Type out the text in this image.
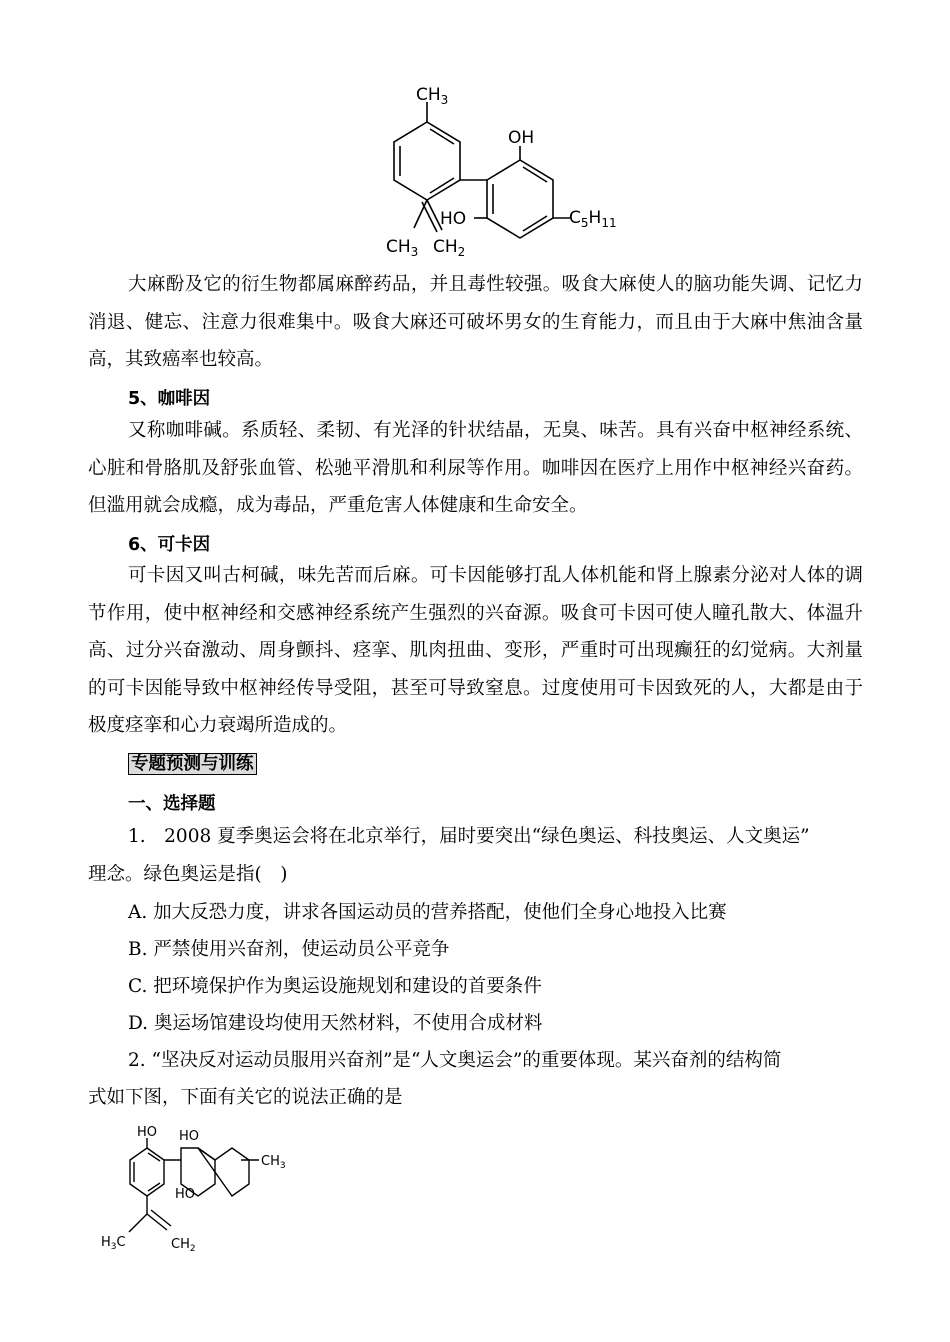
$CH_3$
OH
HO	$C_5H_{11}$
$CH_3$ $CH_2$

大麻酚及它的衍生物都属麻醉药品，并且毒性较强。吸食大麻使人的脑功能失调、记忆力消退、健忘、注意力很难集中。吸食大麻还可破坏男女的生育能力，而且由于大麻中焦油含量高，其致癌率也较高。

5、咖啡因

又称咖啡碱。系质轻、柔韧、有光泽的针状结晶，无臭、味苦。具有兴奋中枢神经系统、心脏和骨胳肌及舒张血管、松驰平滑肌和利尿等作用。咖啡因在医疗上用作中枢神经兴奋药。但滥用就会成瘾，成为毒品，严重危害人体健康和生命安全。

6、可卡因

可卡因又叫古柯碱，味先苦而后麻。可卡因能够打乱人体机能和肾上腺素分泌对人体的调节作用，使中枢神经和交感神经系统产生强烈的兴奋源。吸食可卡因可使人瞳孔散大、体温升高、过分兴奋激动、周身颤抖、痉挛、肌肉扭曲、变形，严重时可出现癫狂的幻觉病。大剂量的可卡因能导致中枢神经传导受阻，甚至可导致窒息。过度使用可卡因致死的人，大都是由于极度痉挛和心力衰竭所造成的。

专题预测与训练

一、选择题

1.　2008 夏季奥运会将在北京举行，届时要突出“绿色奥运、科技奥运、人文奥运”

理念。绿色奥运是指(　)

A. 加大反恐力度，讲求各国运动员的营养搭配，使他们全身心地投入比赛

B. 严禁使用兴奋剂，使运动员公平竞争

C. 把环境保护作为奥运设施规划和建设的首要条件

D. 奥运场馆建设均使用天然材料，不使用合成材料

2. “坚决反对运动员服用兴奋剂”是“人文奥运会”的重要体现。某兴奋剂的结构简

式如下图，下面有关它的说法正确的是

HO HO
$CH_3$
HO
$H_3C$	$CH_2$
